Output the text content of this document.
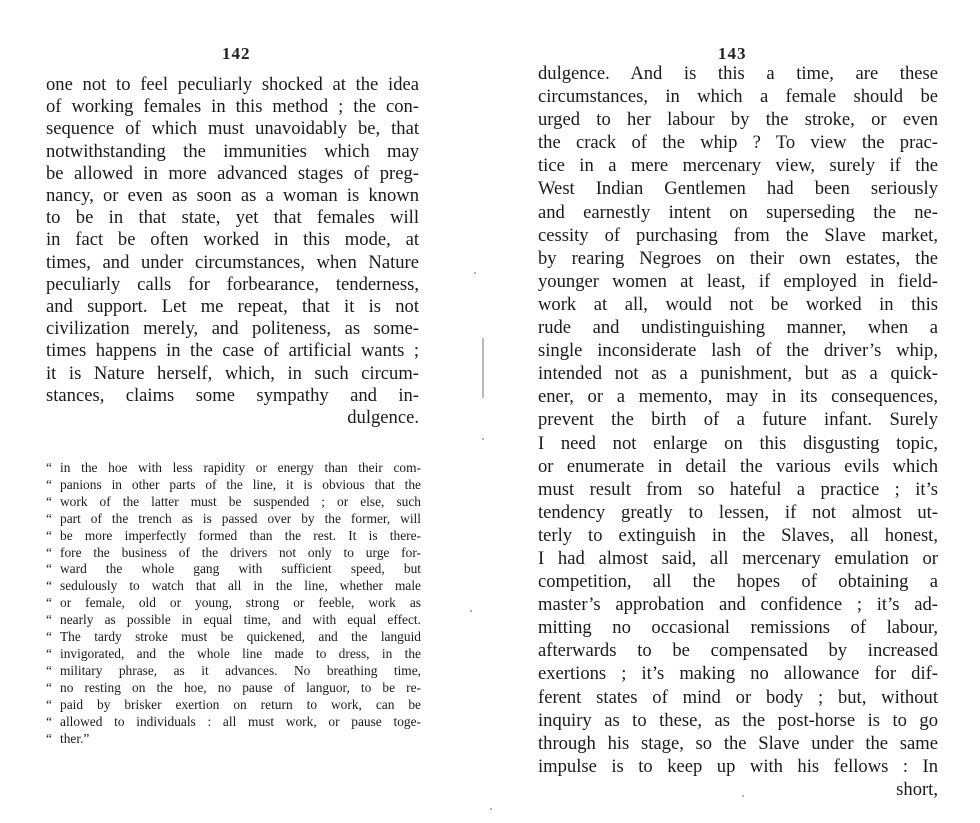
142
one not to feel peculiarly shocked at the idea
of working females in this method ; the con-
sequence of which must unavoidably be, that
notwithstanding the immunities which may
be allowed in more advanced stages of preg-
nancy, or even as soon as a woman is known
to be in that state, yet that females will
in fact be often worked in this mode, at
times, and under circumstances, when Nature
peculiarly calls for forbearance, tenderness,
and support. Let me repeat, that it is not
civilization merely, and politeness, as some-
times happens in the case of artificial wants ;
it is Nature herself, which, in such circum-
stances, claims some sympathy and in-
dulgence.
“ in the hoe with less rapidity or energy than their com-
“ panions in other parts of the line, it is obvious that the
“ work of the latter must be suspended ; or else, such
“ part of the trench as is passed over by the former, will
“ be more imperfectly formed than the rest. It is there-
“ fore the business of the drivers not only to urge for-
“ ward the whole gang with sufficient speed, but
“ sedulously to watch that all in the line, whether male
“ or female, old or young, strong or feeble, work as
“ nearly as possible in equal time, and with equal effect.
“ The tardy stroke must be quickened, and the languid
“ invigorated, and the whole line made to dress, in the
“ military phrase, as it advances. No breathing time,
“ no resting on the hoe, no pause of languor, to be re-
“ paid by brisker exertion on return to work, can be
“ allowed to individuals : all must work, or pause toge-
“ ther.”
143
dulgence. And is this a time, are these
circumstances, in which a female should be
urged to her labour by the stroke, or even
the crack of the whip ? To view the prac-
tice in a mere mercenary view, surely if the
West Indian Gentlemen had been seriously
and earnestly intent on superseding the ne-
cessity of purchasing from the Slave market,
by rearing Negroes on their own estates, the
younger women at least, if employed in field-
work at all, would not be worked in this
rude and undistinguishing manner, when a
single inconsiderate lash of the driver’s whip,
intended not as a punishment, but as a quick-
ener, or a memento, may in its consequences,
prevent the birth of a future infant. Surely
I need not enlarge on this disgusting topic,
or enumerate in detail the various evils which
must result from so hateful a practice ; it’s
tendency greatly to lessen, if not almost ut-
terly to extinguish in the Slaves, all honest,
I had almost said, all mercenary emulation or
competition, all the hopes of obtaining a
master’s approbation and confidence ; it’s ad-
mitting no occasional remissions of labour,
afterwards to be compensated by increased
exertions ; it’s making no allowance for dif-
ferent states of mind or body ; but, without
inquiry as to these, as the post-horse is to go
through his stage, so the Slave under the same
impulse is to keep up with his fellows : In
short,
